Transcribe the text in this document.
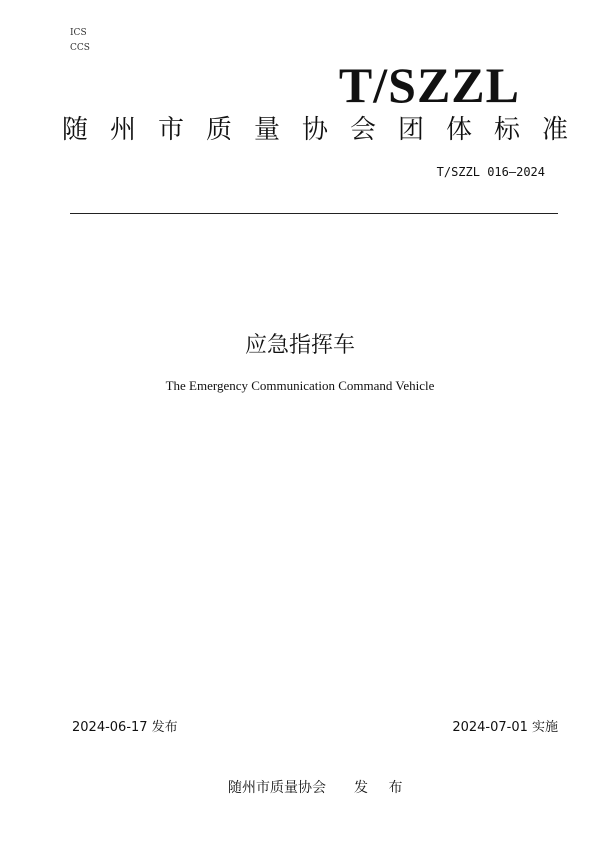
ICS
CCS
T/SZZL
随州市质量协会团体标准
T/SZZL 016—2024
应急指挥车
The Emergency Communication Command Vehicle
2024-06-17 发布	2024-07-01 实施
随州市质量协会 发 布
